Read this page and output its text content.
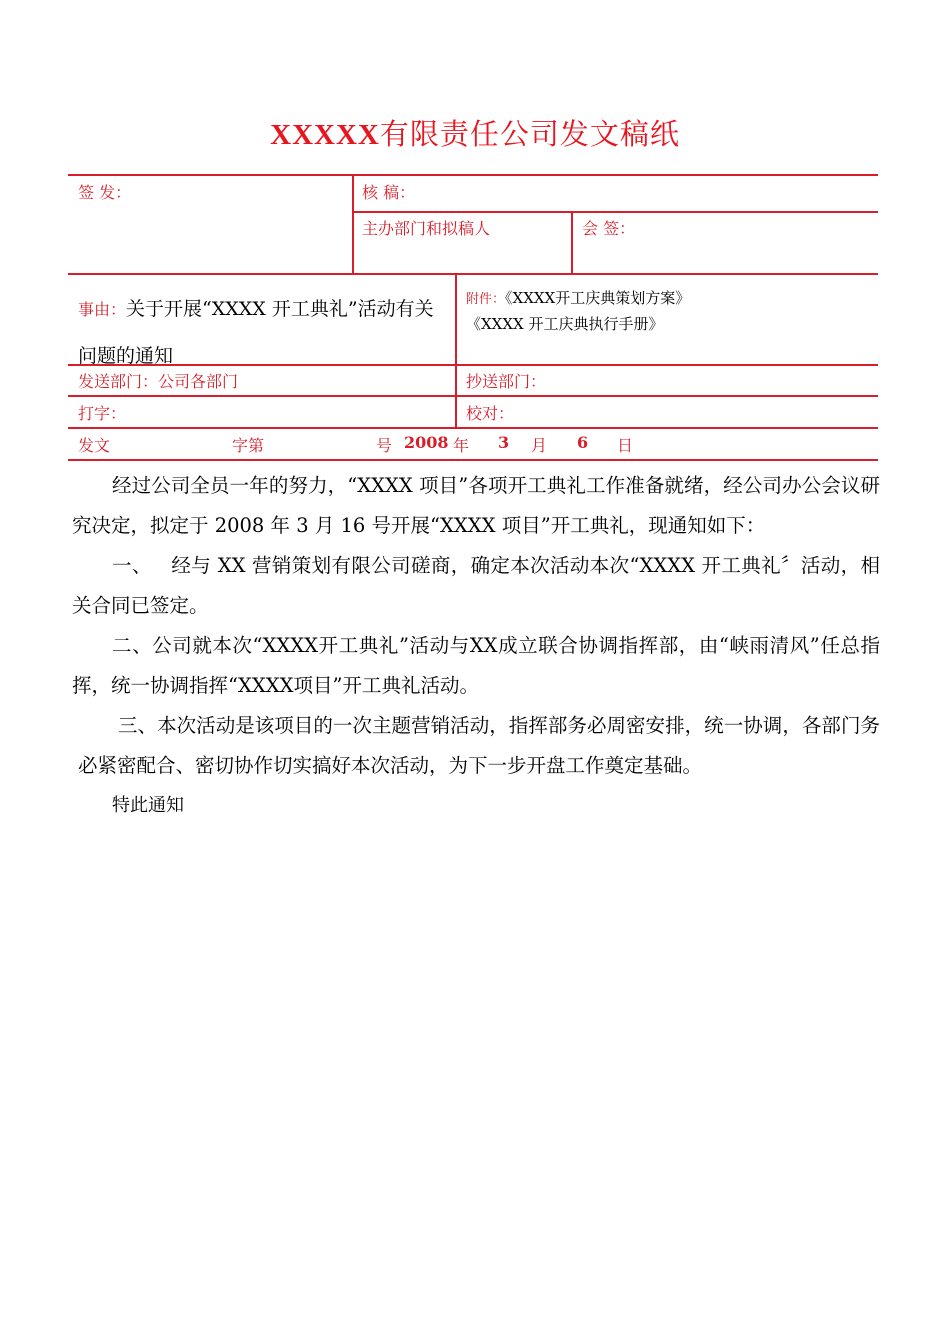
XXXXX有限责任公司发文稿纸
签 发：	核 稿：
主办部门和拟稿人	会 签：
事由：关于开展“XXXX 开工典礼”活动有关问题的通知
附件：《XXXX开工庆典策划方案》
《XXXX 开工庆典执行手册》
发送部门：公司各部门	抄送部门：
打字：	校对：
发文	字第	号 2008 年 3 月 6 日

经过公司全员一年的努力，“XXXX 项目”各项开工典礼工作准备就绪，经公司办公会议研究决定，拟定于 2008 年 3 月 16 号开展“XXXX 项目”开工典礼，现通知如下：

一、   经与 XX 营销策划有限公司磋商，确定本次活动本次“XXXX 开工典礼〞活动，相关合同已签定。

二、公司就本次“XXXX开工典礼”活动与XX成立联合协调指挥部，由“峡雨清风”任总指挥，统一协调指挥“XXXX项目”开工典礼活动。

三、本次活动是该项目的一次主题营销活动，指挥部务必周密安排，统一协调，各部门务必紧密配合、密切协作切实搞好本次活动，为下一步开盘工作奠定基础。

特此通知
